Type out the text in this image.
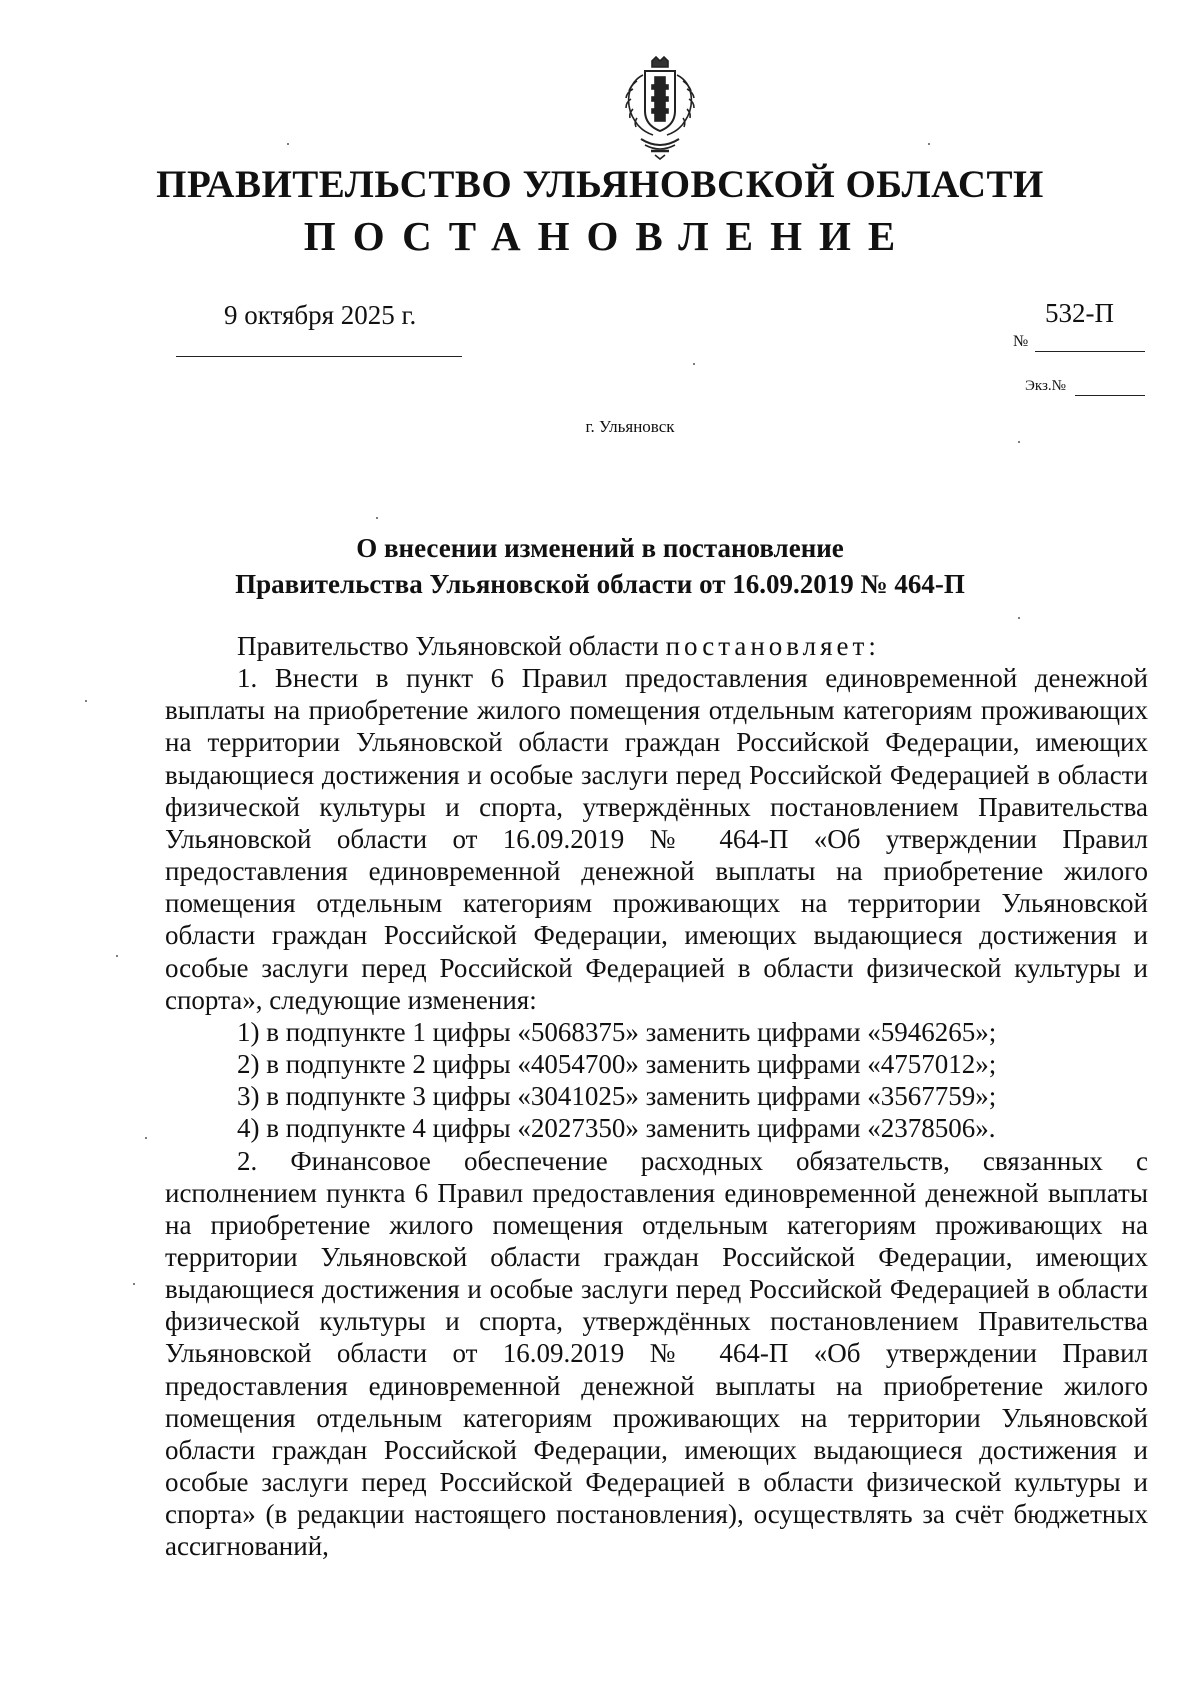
ПРАВИТЕЛЬСТВО УЛЬЯНОВСКОЙ ОБЛАСТИ
ПОСТАНОВЛЕНИЕ
9 октября 2025 г.	532-П
№
Экз.№
г. Ульяновск
О внесении изменений в постановление
Правительства Ульяновской области от 16.09.2019 № 464-П

Правительство Ульяновской области постановляет:

1. Внести в пункт 6 Правил предоставления единовременной денежной выплаты на приобретение жилого помещения отдельным категориям проживающих на территории Ульяновской области граждан Российской Федерации, имеющих выдающиеся достижения и особые заслуги перед Российской Федерацией в области физической культуры и спорта, утверждённых постановлением Правительства Ульяновской области от 16.09.2019 № 464-П «Об утверждении Правил предоставления единовременной денежной выплаты на приобретение жилого помещения отдельным категориям проживающих на территории Ульяновской области граждан Российской Федерации, имеющих выдающиеся достижения и особые заслуги перед Российской Федерацией в области физической культуры и спорта», следующие изменения:

1) в подпункте 1 цифры «5068375» заменить цифрами «5946265»;

2) в подпункте 2 цифры «4054700» заменить цифрами «4757012»;

3) в подпункте 3 цифры «3041025» заменить цифрами «3567759»;

4) в подпункте 4 цифры «2027350» заменить цифрами «2378506».

2. Финансовое обеспечение расходных обязательств, связанных с исполнением пункта 6 Правил предоставления единовременной денежной выплаты на приобретение жилого помещения отдельным категориям проживающих на территории Ульяновской области граждан Российской Федерации, имеющих выдающиеся достижения и особые заслуги перед Российской Федерацией в области физической культуры и спорта, утверждённых постановлением Правительства Ульяновской области от 16.09.2019 № 464-П «Об утверждении Правил предоставления единовременной денежной выплаты на приобретение жилого помещения отдельным категориям проживающих на территории Ульяновской области граждан Российской Федерации, имеющих выдающиеся достижения и особые заслуги перед Российской Федерацией в области физической культуры и спорта» (в редакции настоящего постановления), осуществлять за счёт бюджетных ассигнований,
